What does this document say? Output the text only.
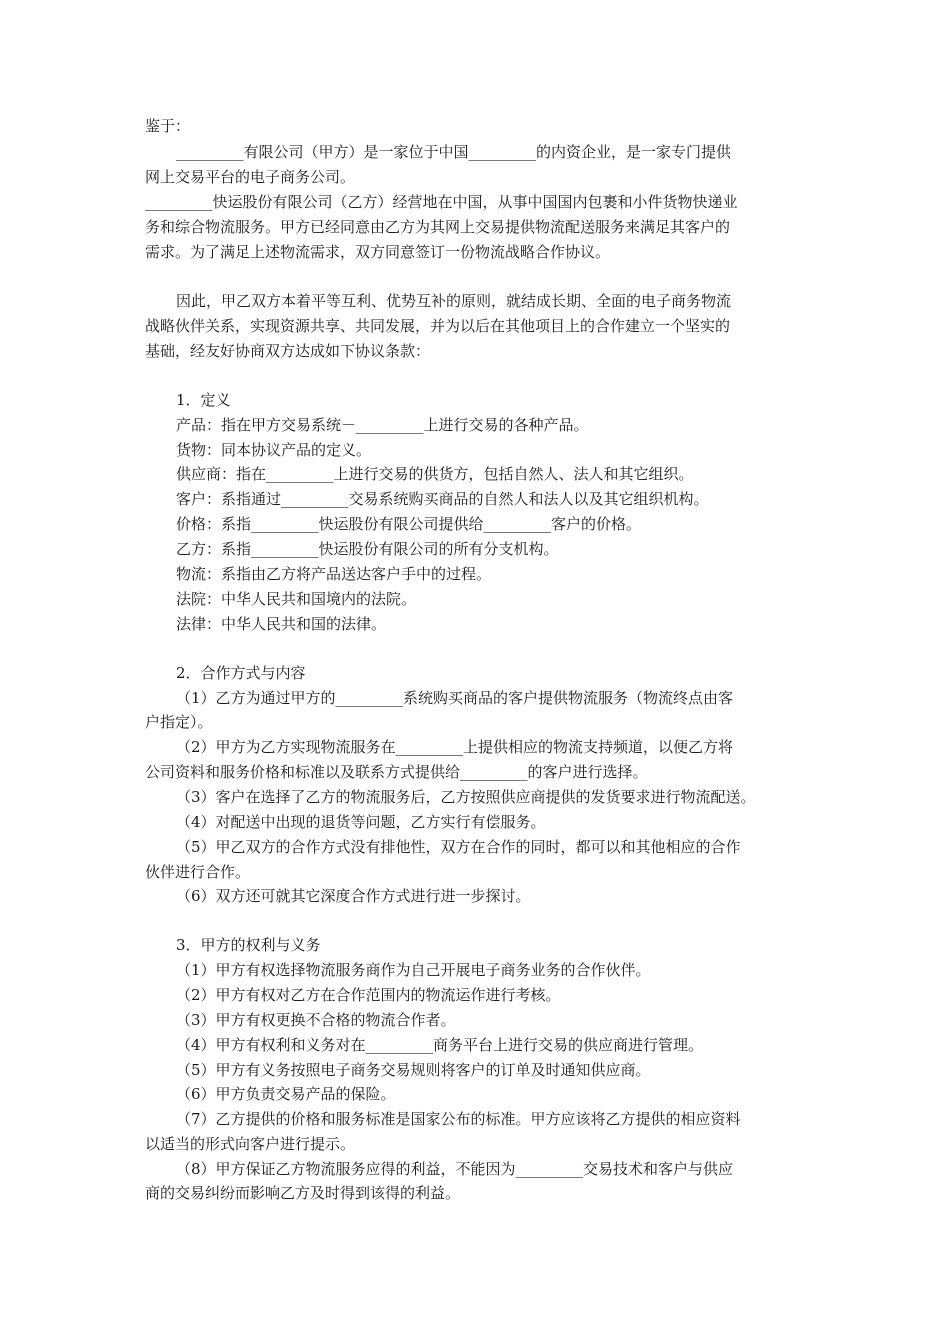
鉴于：
_________有限公司（甲方）是一家位于中国_________的内资企业，是一家专门提供
网上交易平台的电子商务公司。
_________快运股份有限公司（乙方）经营地在中国，从事中国国内包裹和小件货物快递业
务和综合物流服务。甲方已经同意由乙方为其网上交易提供物流配送服务来满足其客户的
需求。为了满足上述物流需求，双方同意签订一份物流战略合作协议。
因此，甲乙双方本着平等互利、优势互补的原则，就结成长期、全面的电子商务物流
战略伙伴关系，实现资源共享、共同发展，并为以后在其他项目上的合作建立一个坚实的
基础，经友好协商双方达成如下协议条款：
1．定义
产品：指在甲方交易系统－_________上进行交易的各种产品。
货物：同本协议产品的定义。
供应商：指在_________上进行交易的供货方，包括自然人、法人和其它组织。
客户：系指通过_________交易系统购买商品的自然人和法人以及其它组织机构。
价格：系指_________快运股份有限公司提供给_________客户的价格。
乙方：系指_________快运股份有限公司的所有分支机构。
物流：系指由乙方将产品送达客户手中的过程。
法院：中华人民共和国境内的法院。
法律：中华人民共和国的法律。
2．合作方式与内容
（1）乙方为通过甲方的_________系统购买商品的客户提供物流服务（物流终点由客
户指定）。
（2）甲方为乙方实现物流服务在_________上提供相应的物流支持频道，以便乙方将
公司资料和服务价格和标准以及联系方式提供给_________的客户进行选择。
（3）客户在选择了乙方的物流服务后，乙方按照供应商提供的发货要求进行物流配送。
（4）对配送中出现的退货等问题，乙方实行有偿服务。
（5）甲乙双方的合作方式没有排他性，双方在合作的同时，都可以和其他相应的合作
伙伴进行合作。
（6）双方还可就其它深度合作方式进行进一步探讨。
3．甲方的权利与义务
（1）甲方有权选择物流服务商作为自己开展电子商务业务的合作伙伴。
（2）甲方有权对乙方在合作范围内的物流运作进行考核。
（3）甲方有权更换不合格的物流合作者。
（4）甲方有权利和义务对在_________商务平台上进行交易的供应商进行管理。
（5）甲方有义务按照电子商务交易规则将客户的订单及时通知供应商。
（6）甲方负责交易产品的保险。
（7）乙方提供的价格和服务标准是国家公布的标准。甲方应该将乙方提供的相应资料
以适当的形式向客户进行提示。
（8）甲方保证乙方物流服务应得的利益，不能因为_________交易技术和客户与供应
商的交易纠纷而影响乙方及时得到该得的利益。
